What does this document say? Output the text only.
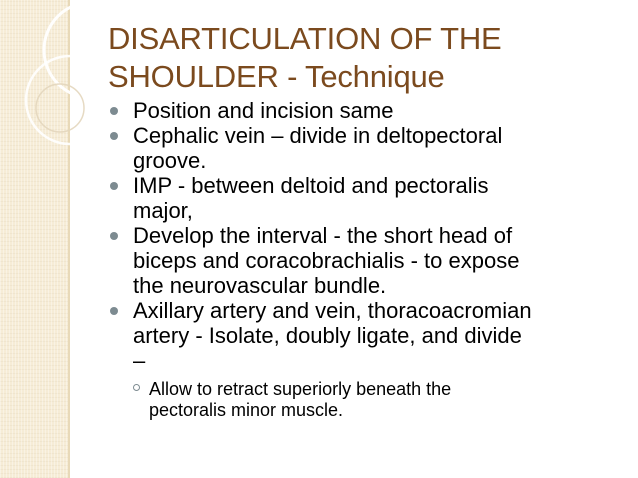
DISARTICULATION OF THE
SHOULDER - Technique
Position and incision same
Cephalic vein – divide in deltopectoral
groove.
IMP - between deltoid and pectoralis
major,
Develop the interval - the short head of
biceps and coracobrachialis - to expose
the neurovascular bundle.
Axillary artery and vein, thoracoacromian
artery - Isolate, doubly ligate, and divide
–
Allow to retract superiorly beneath the
pectoralis minor muscle.
